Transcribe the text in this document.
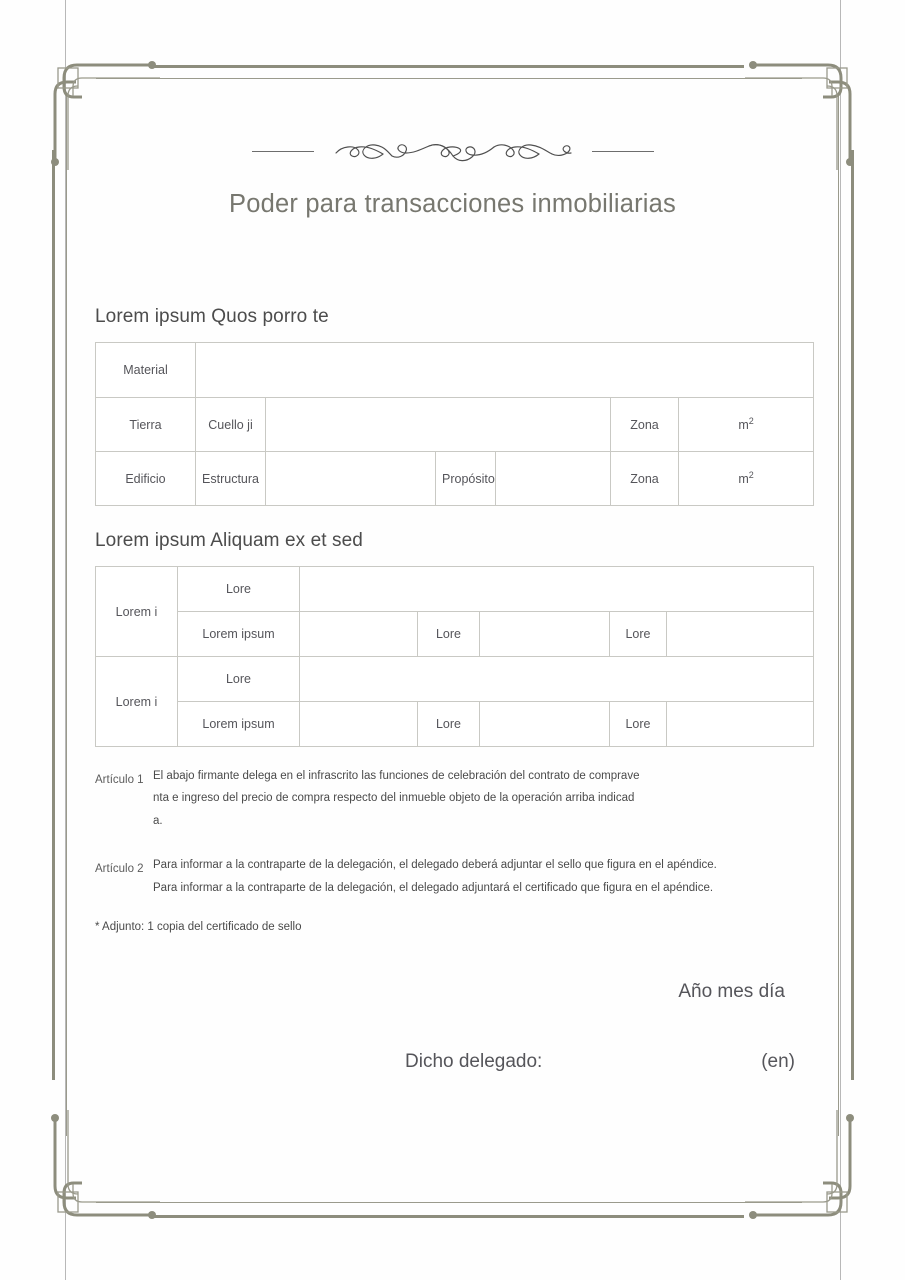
Poder para transacciones inmobiliarias
Lorem ipsum Quos porro te
Material						
Tierra	Cuello ji				Zona	$m^2$
Edificio	Estructura		Propósito		Zona	$m^2$
Lorem ipsum Aliquam ex et sed
Lorem i	Lore					
	Lorem ipsum		Lore		Lore	
Lorem i	Lore					
	Lorem ipsum		Lore		Lore	
Artículo 1 El abajo firmante delega en el infrascrito las funciones de celebración del contrato de comprave
nta e ingreso del precio de compra respecto del inmueble objeto de la operación arriba indicad
a.
Artículo 2 Para informar a la contraparte de la delegación, el delegado deberá adjuntar el sello que figura en el apéndice.
Para informar a la contraparte de la delegación, el delegado adjuntará el certificado que figura en el apéndice.
* Adjunto: 1 copia del certificado de sello
Año mes día
Dicho delegado:	(en)
